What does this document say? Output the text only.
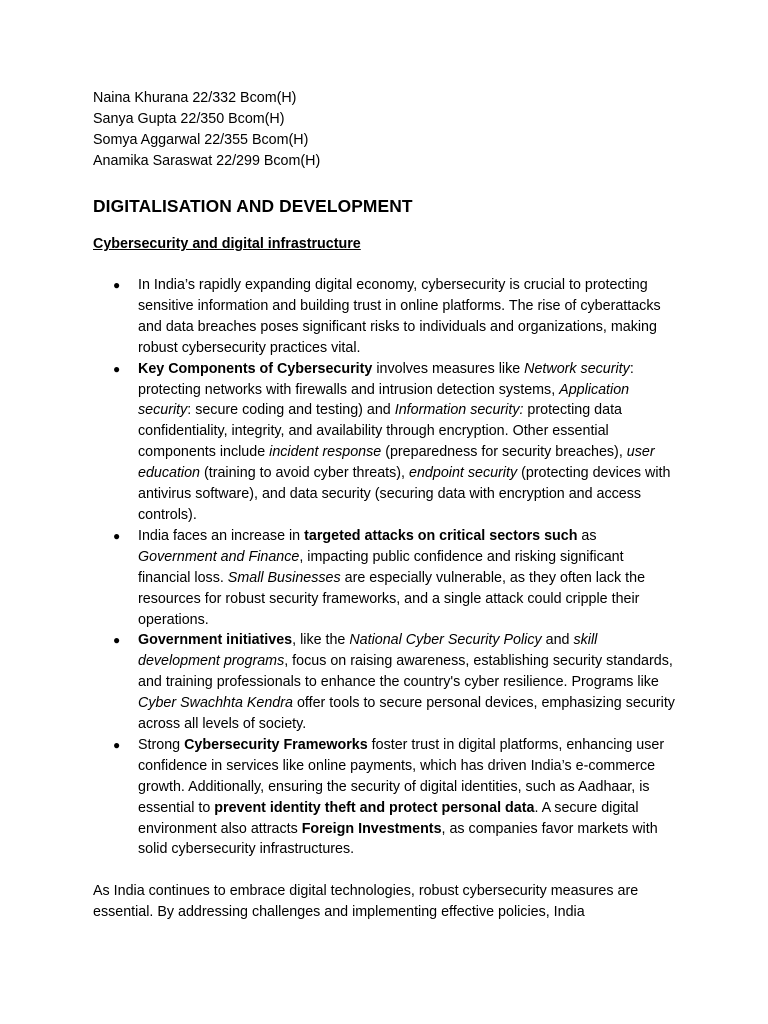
Naina Khurana 22/332 Bcom(H)
Sanya Gupta 22/350 Bcom(H)
Somya Aggarwal 22/355 Bcom(H)
Anamika Saraswat 22/299 Bcom(H)
DIGITALISATION AND DEVELOPMENT
Cybersecurity and digital infrastructure
●	In India’s rapidly expanding digital economy, cybersecurity is crucial to protecting sensitive information and building trust in online platforms. The rise of cyberattacks and data breaches poses significant risks to individuals and organizations, making robust cybersecurity practices vital.
●	Key Components of Cybersecurity involves measures like Network security: protecting networks with firewalls and intrusion detection systems, Application security: secure coding and testing) and Information security: protecting data confidentiality, integrity, and availability through encryption. Other essential components include incident response (preparedness for security breaches), user education (training to avoid cyber threats), endpoint security (protecting devices with antivirus software), and data security (securing data with encryption and access controls).
●	India faces an increase in targeted attacks on critical sectors such as Government and Finance, impacting public confidence and risking significant financial loss. Small Businesses are especially vulnerable, as they often lack the resources for robust security frameworks, and a single attack could cripple their operations.
●	Government initiatives, like the National Cyber Security Policy and skill development programs, focus on raising awareness, establishing security standards, and training professionals to enhance the country's cyber resilience. Programs like Cyber Swachhta Kendra offer tools to secure personal devices, emphasizing security across all levels of society.
●	Strong Cybersecurity Frameworks foster trust in digital platforms, enhancing user confidence in services like online payments, which has driven India’s e-commerce growth. Additionally, ensuring the security of digital identities, such as Aadhaar, is essential to prevent identity theft and protect personal data. A secure digital environment also attracts Foreign Investments, as companies favor markets with solid cybersecurity infrastructures.

As India continues to embrace digital technologies, robust cybersecurity measures are essential. By addressing challenges and implementing effective policies, India
